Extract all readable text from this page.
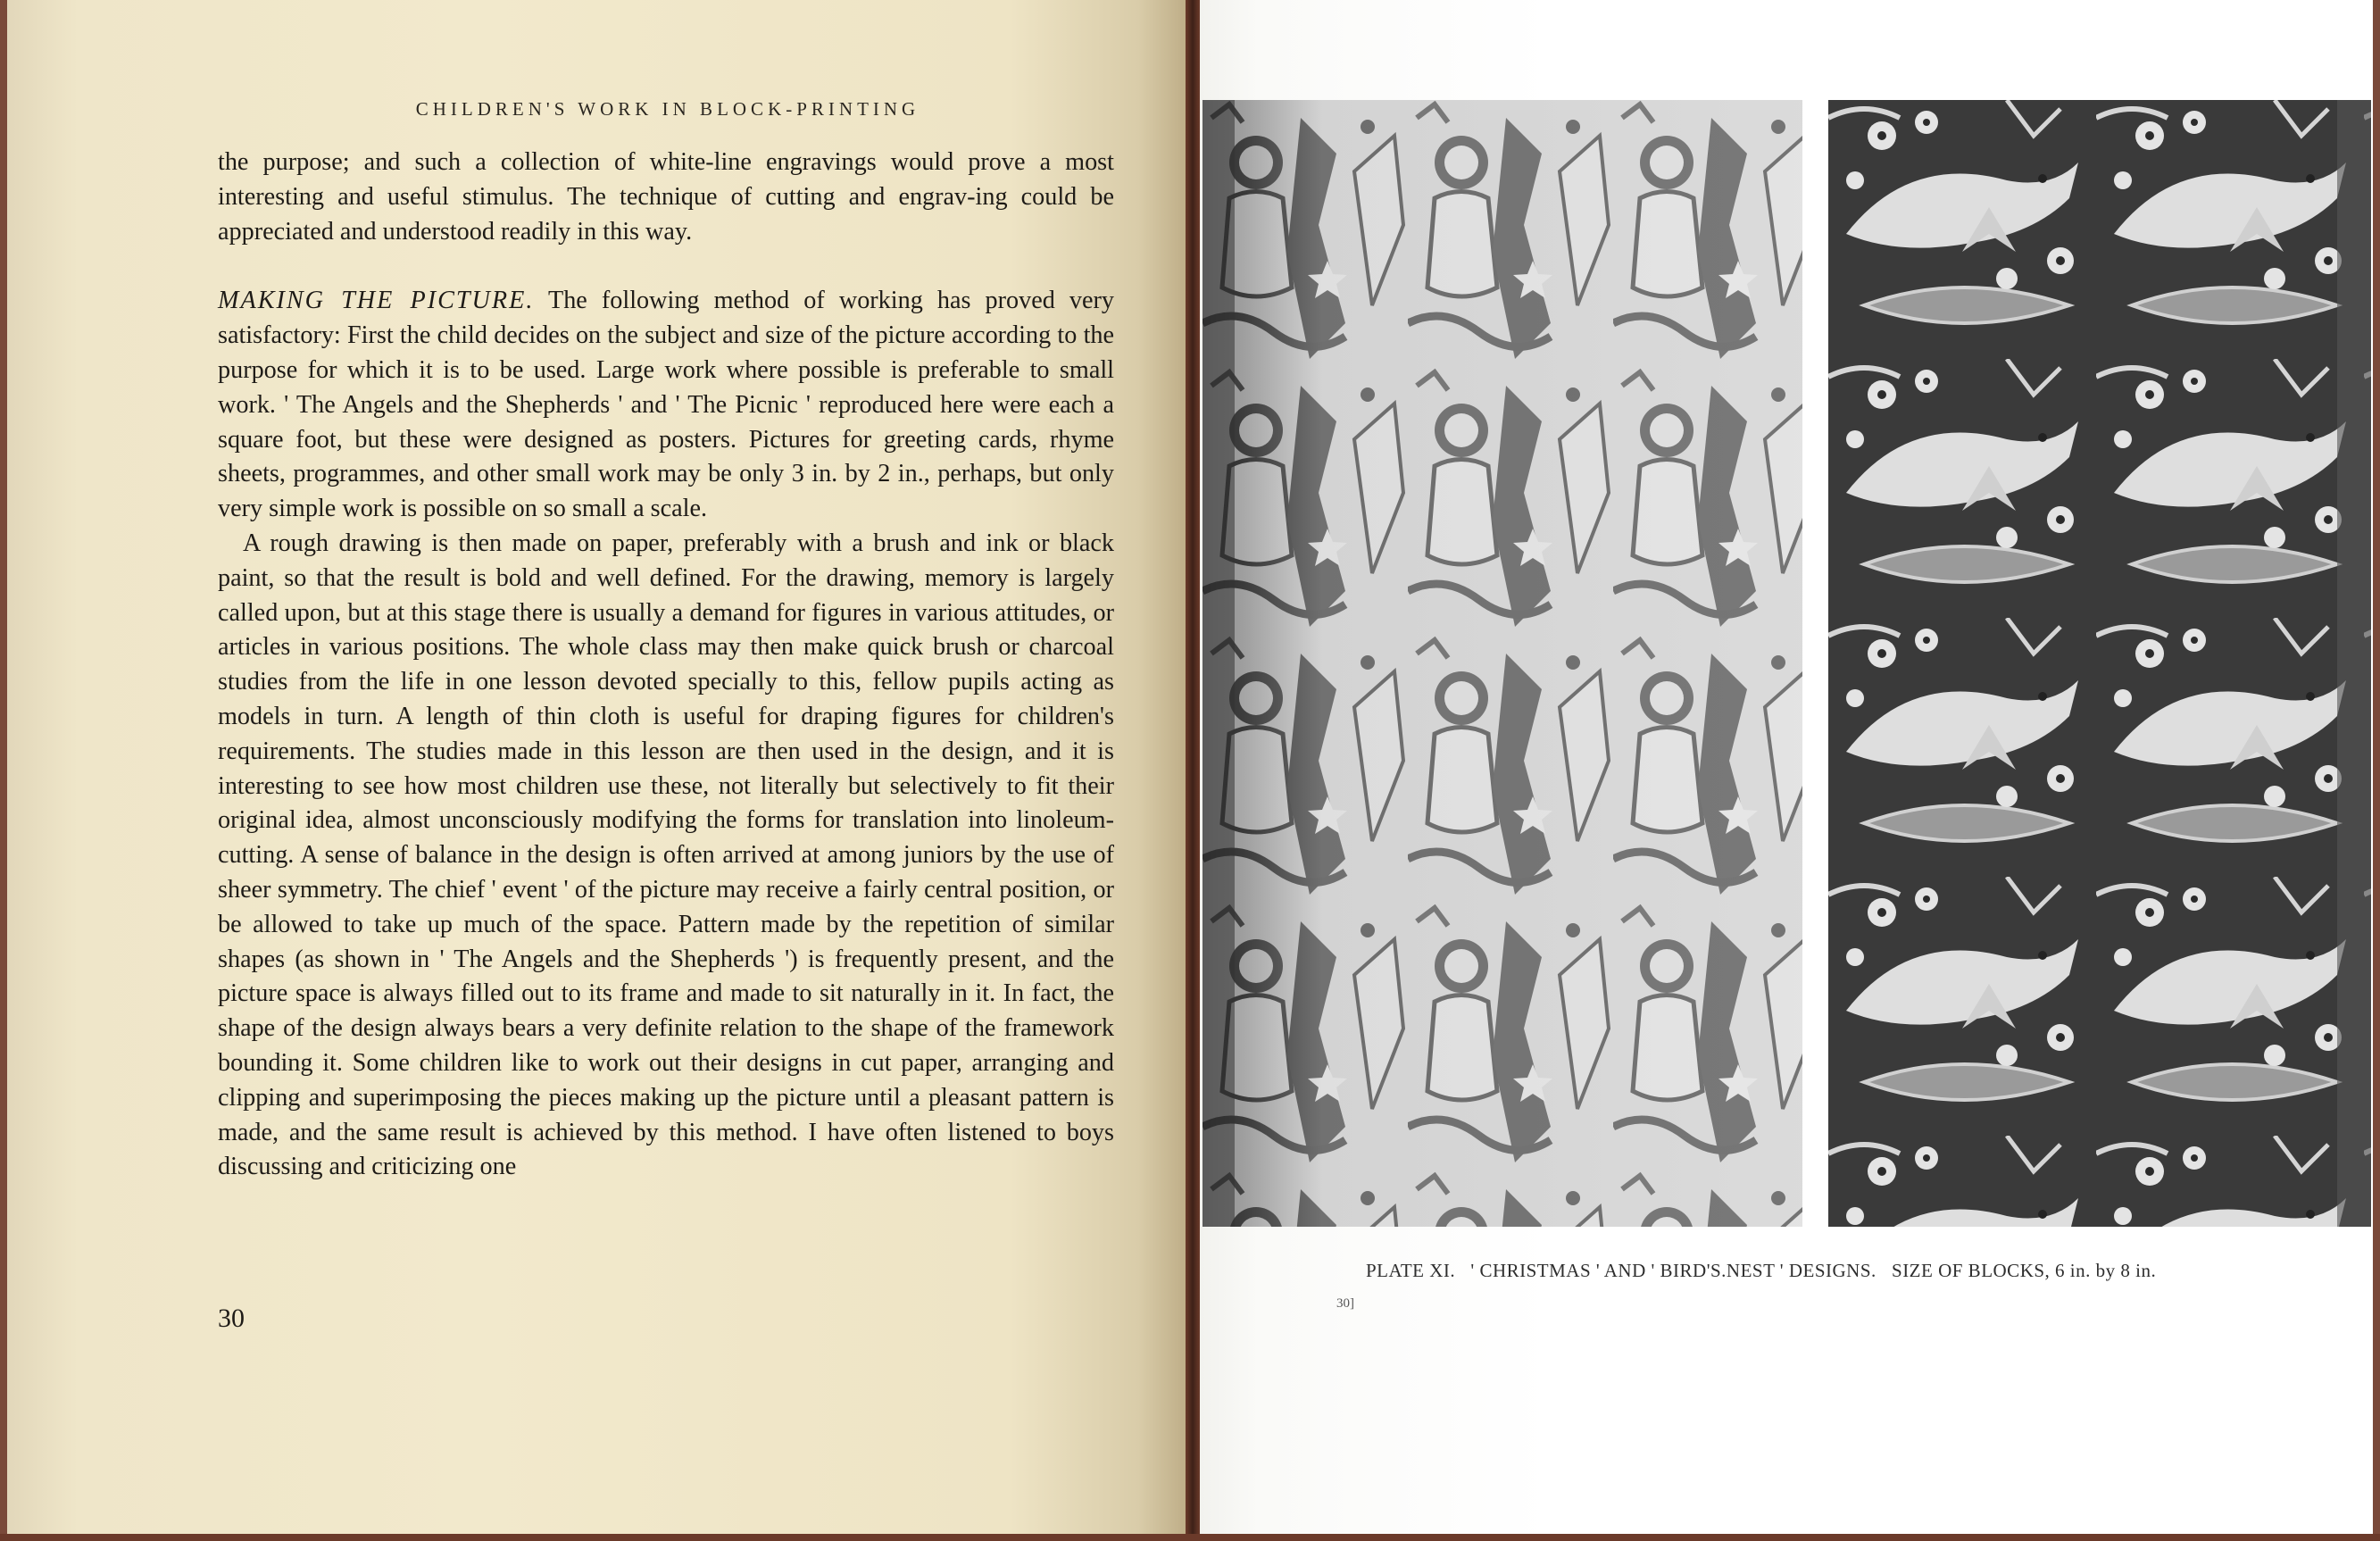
CHILDREN'S WORK IN BLOCK-PRINTING

the purpose; and such a collection of white-line engravings would prove a most interesting and useful stimulus. The technique of cutting and engrav-ing could be appreciated and understood readily in this way.

MAKING THE PICTURE. The following method of working has proved very satisfactory: First the child decides on the subject and size of the picture according to the purpose for which it is to be used. Large work where possible is preferable to small work. ' The Angels and the Shepherds ' and ' The Picnic ' reproduced here were each a square foot, but these were designed as posters. Pictures for greeting cards, rhyme sheets, programmes, and other small work may be only 3 in. by 2 in., perhaps, but only very simple work is possible on so small a scale.

A rough drawing is then made on paper, preferably with a brush and ink or black paint, so that the result is bold and well defined. For the drawing, memory is largely called upon, but at this stage there is usually a demand for figures in various attitudes, or articles in various positions. The whole class may then make quick brush or charcoal studies from the life in one lesson devoted specially to this, fellow pupils acting as models in turn. A length of thin cloth is useful for draping figures for children's requirements. The studies made in this lesson are then used in the design, and it is interesting to see how most children use these, not literally but selectively to fit their original idea, almost unconsciously modifying the forms for translation into linoleum-cutting. A sense of balance in the design is often arrived at among juniors by the use of sheer symmetry. The chief ' event ' of the picture may receive a fairly central position, or be allowed to take up much of the space. Pattern made by the repetition of similar shapes (as shown in ' The Angels and the Shepherds ') is frequently present, and the picture space is always filled out to its frame and made to sit naturally in it. In fact, the shape of the design always bears a very definite relation to the shape of the framework bounding it. Some children like to work out their designs in cut paper, arranging and clipping and superimposing the pieces making up the picture until a pleasant pattern is made, and the same result is achieved by this method. I have often listened to boys discussing and criticizing one

30
PLATE XI.   ' CHRISTMAS ' AND ' BIRD'S.NEST ' DESIGNS.   SIZE OF BLOCKS, 6 in. by 8 in.
30]
